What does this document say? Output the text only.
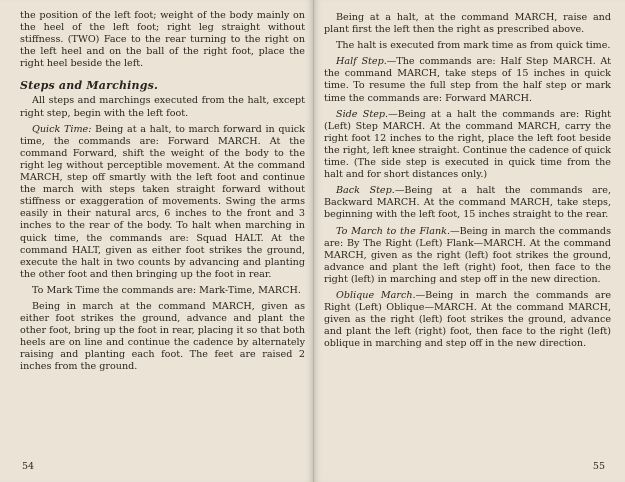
the position of the left foot; weight of the body mainly on the heel of the left foot; right leg straight without stiffness. (TWO) Face to the rear turning to the right on the left heel and on the ball of the right foot, place the right heel beside the left.

Steps and Marchings.

All steps and marchings executed from the halt, except right step, begin with the left foot.

Quick Time: Being at a halt, to march forward in quick time, the commands are: Forward MARCH. At the command Forward, shift the weight of the body to the right leg without perceptible movement. At the command MARCH, step off smartly with the left foot and continue the march with steps taken straight forward without stiffness or exaggeration of movements. Swing the arms easily in their natural arcs, 6 inches to the front and 3 inches to the rear of the body. To halt when marching in quick time, the commands are: Squad HALT. At the command HALT, given as either foot strikes the ground, execute the halt in two counts by advancing and planting the other foot and then bringing up the foot in rear.

To Mark Time the commands are: Mark-Time, MARCH.

Being in march at the command MARCH, given as either foot strikes the ground, advance and plant the other foot, bring up the foot in rear, placing it so that both heels are on line and continue the cadence by alternately raising and planting each foot. The feet are raised 2 inches from the ground.

54

Being at a halt, at the command MARCH, raise and plant first the left then the right as prescribed above.

The halt is executed from mark time as from quick time.

Half Step.—The commands are: Half Step MARCH. At the command MARCH, take steps of 15 inches in quick time. To resume the full step from the half step or mark time the commands are: Forward MARCH.

Side Step.—Being at a halt the commands are: Right (Left) Step MARCH. At the command MARCH, carry the right foot 12 inches to the right, place the left foot beside the right, left knee straight. Continue the cadence of quick time. (The side step is executed in quick time from the halt and for short distances only.)

Back Step.—Being at a halt the commands are, Backward MARCH. At the command MARCH, take steps, beginning with the left foot, 15 inches straight to the rear.

To March to the Flank.—Being in march the commands are: By The Right (Left) Flank—MARCH. At the command MARCH, given as the right (left) foot strikes the ground, advance and plant the left (right) foot, then face to the right (left) in marching and step off in the new direction.

Oblique March.—Being in march the commands are Right (Left) Oblique—MARCH. At the command MARCH, given as the right (left) foot strikes the ground, advance and plant the left (right) foot, then face to the right (left) oblique in marching and step off in the new direction.

55
